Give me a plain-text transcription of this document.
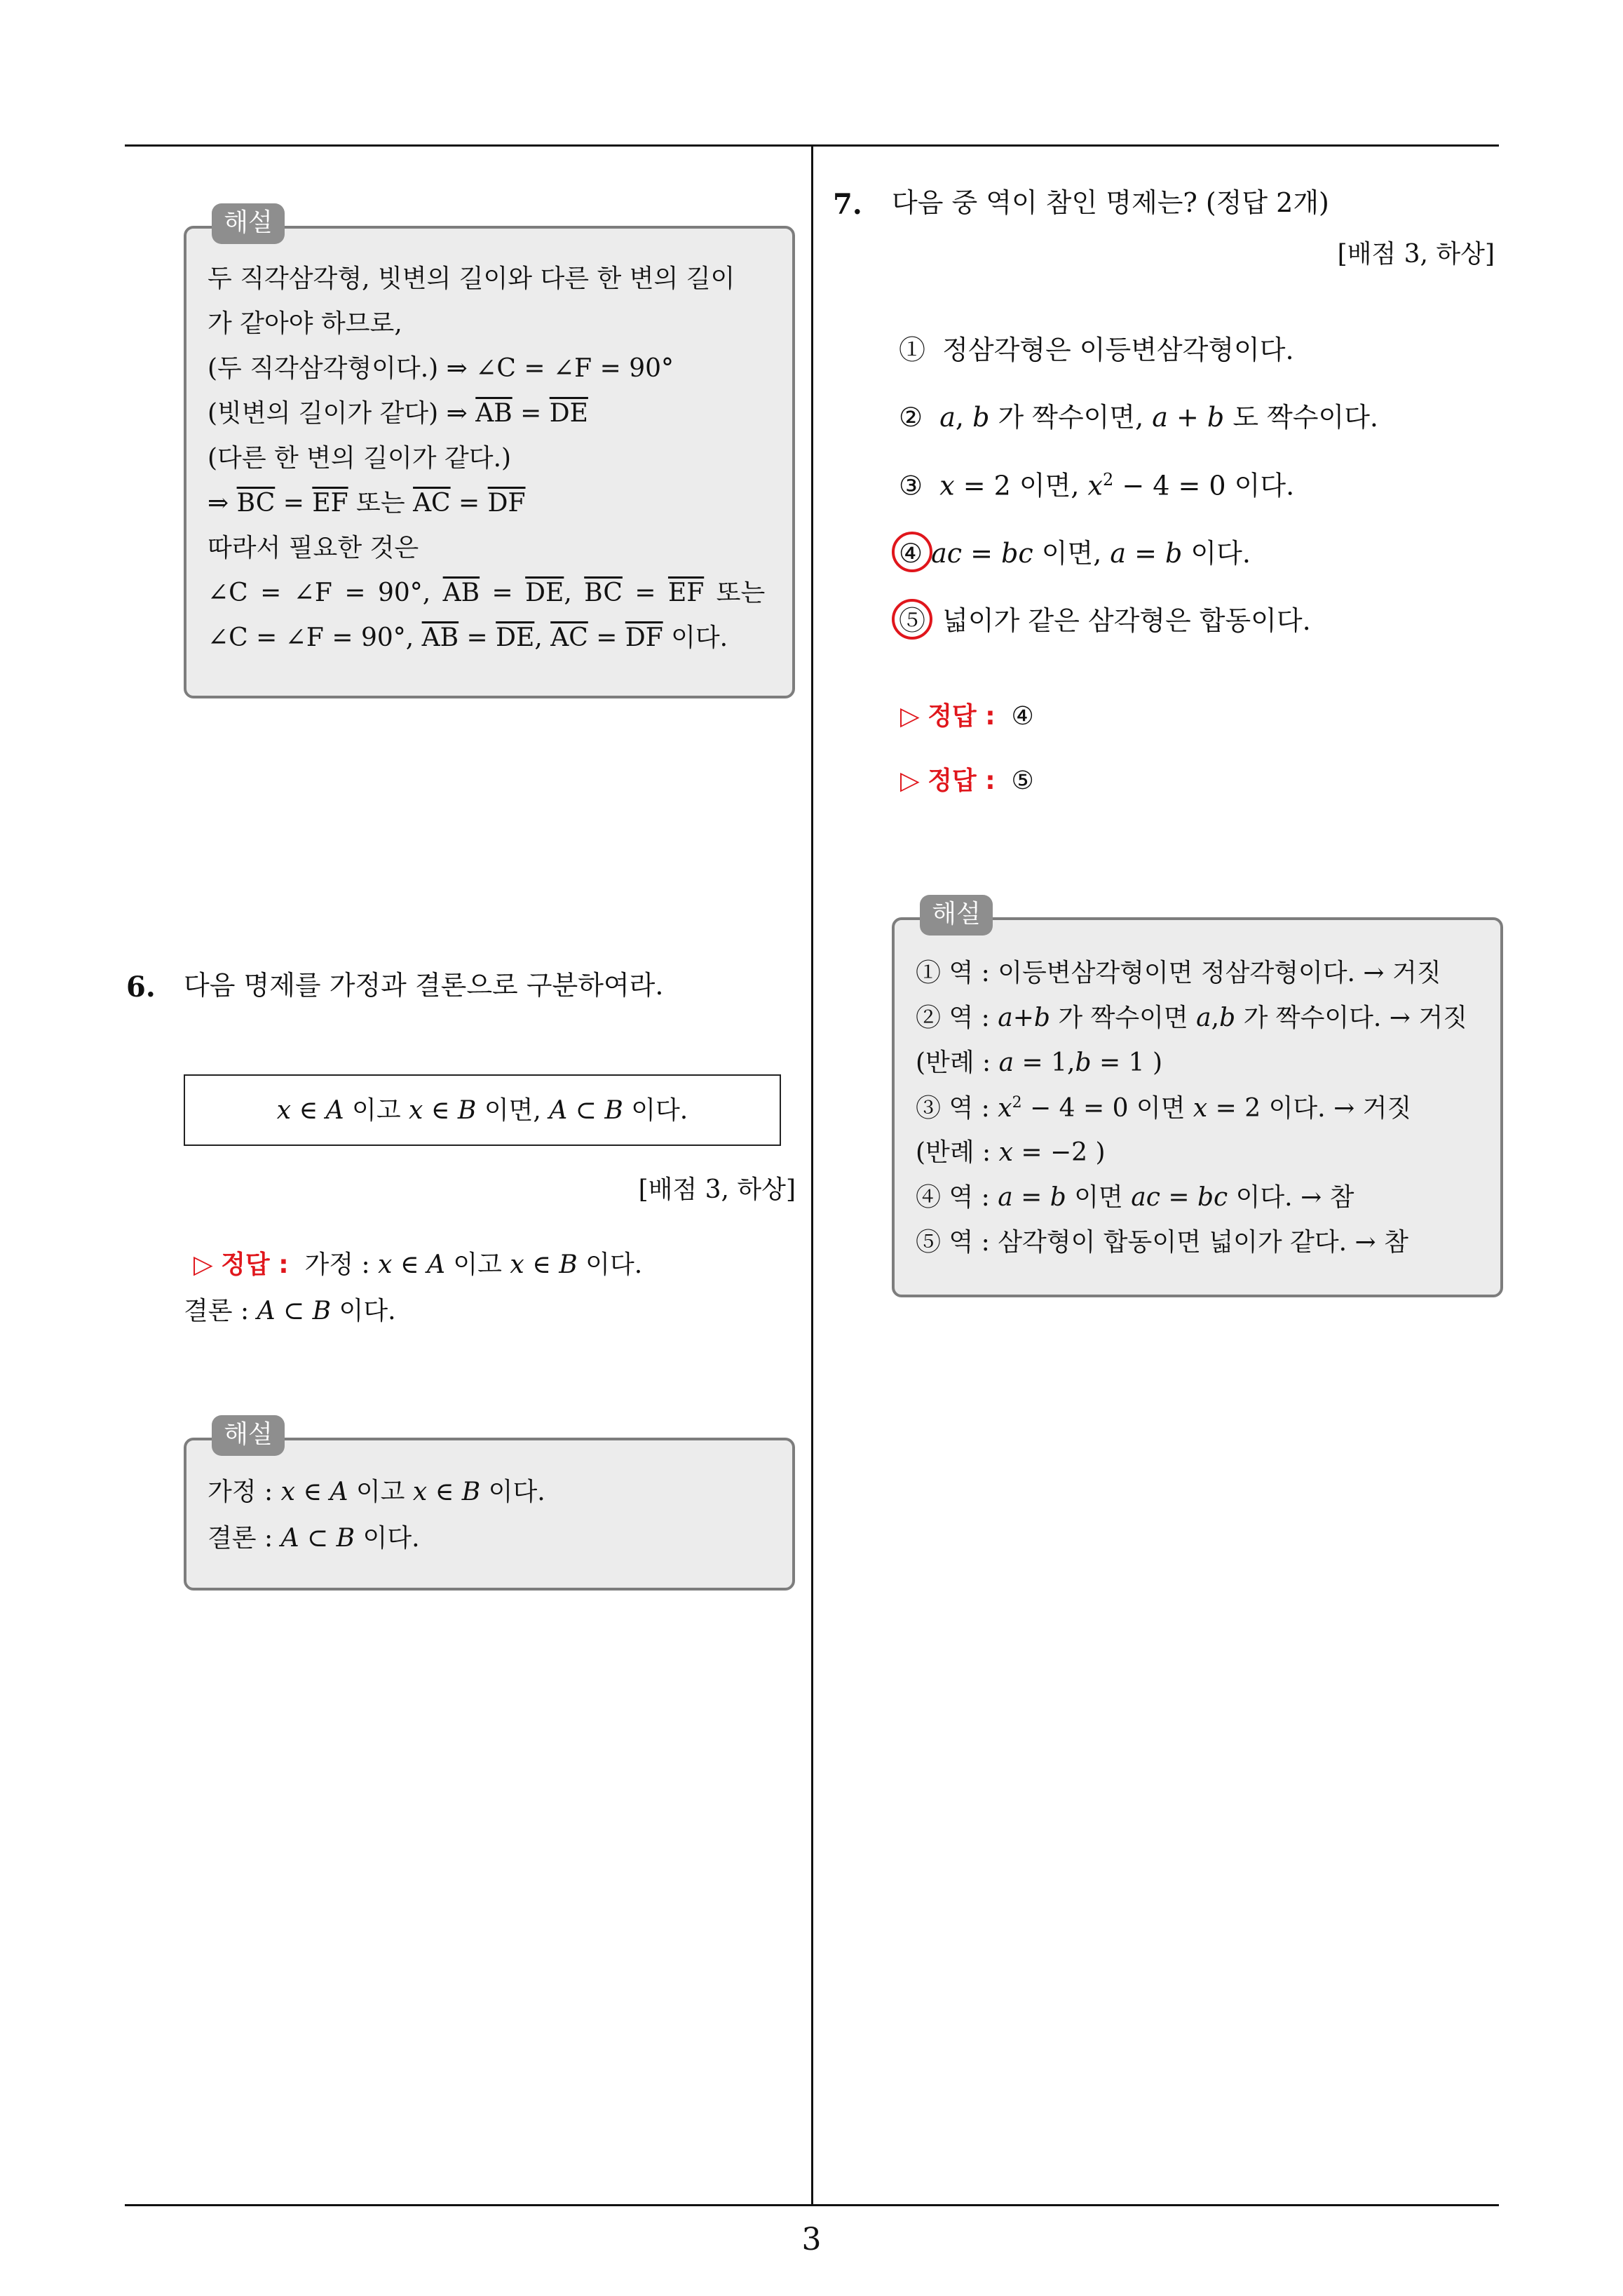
두 직각삼각형, 빗변의 길이와 다른 한 변의 길이
가 같아야 하므로,
(두 직각삼각형이다.) ⇒ ∠C = ∠F = 90°
(빗변의 길이가 같다) ⇒ $\overline{AB} = \overline{DE}$
(다른 한 변의 길이가 같다.)
⇒ $\overline{BC} = \overline{EF}$ 또는 $\overline{AC} = \overline{DF}$
따라서 필요한 것은
∠C = ∠F = 90°, $\overline{AB} = \overline{DE}$, $\overline{BC} = \overline{EF}$ 또는
∠C = ∠F = 90°, $\overline{AB} = \overline{DE}$, $\overline{AC} = \overline{DF}$ 이다.
해설
6. 다음 명제를 가정과 결론으로 구분하여라.
x ∈ A 이고 x ∈ B 이면, A ⊂ B 이다.
[배점 3, 하상]
▷ 정답 :  가정 : x ∈ A 이고 x ∈ B 이다.
결론 : A ⊂ B 이다.
가정 : x ∈ A 이고 x ∈ B 이다.
결론 : A ⊂ B 이다.
해설
7. 다음 중 역이 참인 명제는? (정답 2개)
[배점 3, 하상]
①  정삼각형은 이등변삼각형이다.
②  a, b 가 짝수이면, a + b 도 짝수이다.
③  x = 2 이면, $x^2 - 4 = 0$ 이다.
④ ac = bc 이면, a = b 이다.
⑤  넓이가 같은 삼각형은 합동이다.
▷ 정답 : ④
▷ 정답 : ⑤
① 역 : 이등변삼각형이면 정삼각형이다. → 거짓
② 역 : a+b 가 짝수이면 a,b 가 짝수이다. → 거짓
(반례 : a = 1,b = 1 )
③ 역 : $x^2 - 4 = 0$ 이면 x = 2 이다. → 거짓
(반례 : x = −2 )
④ 역 : a = b 이면 ac = bc 이다. → 참
⑤ 역 : 삼각형이 합동이면 넓이가 같다. → 참
해설
3
